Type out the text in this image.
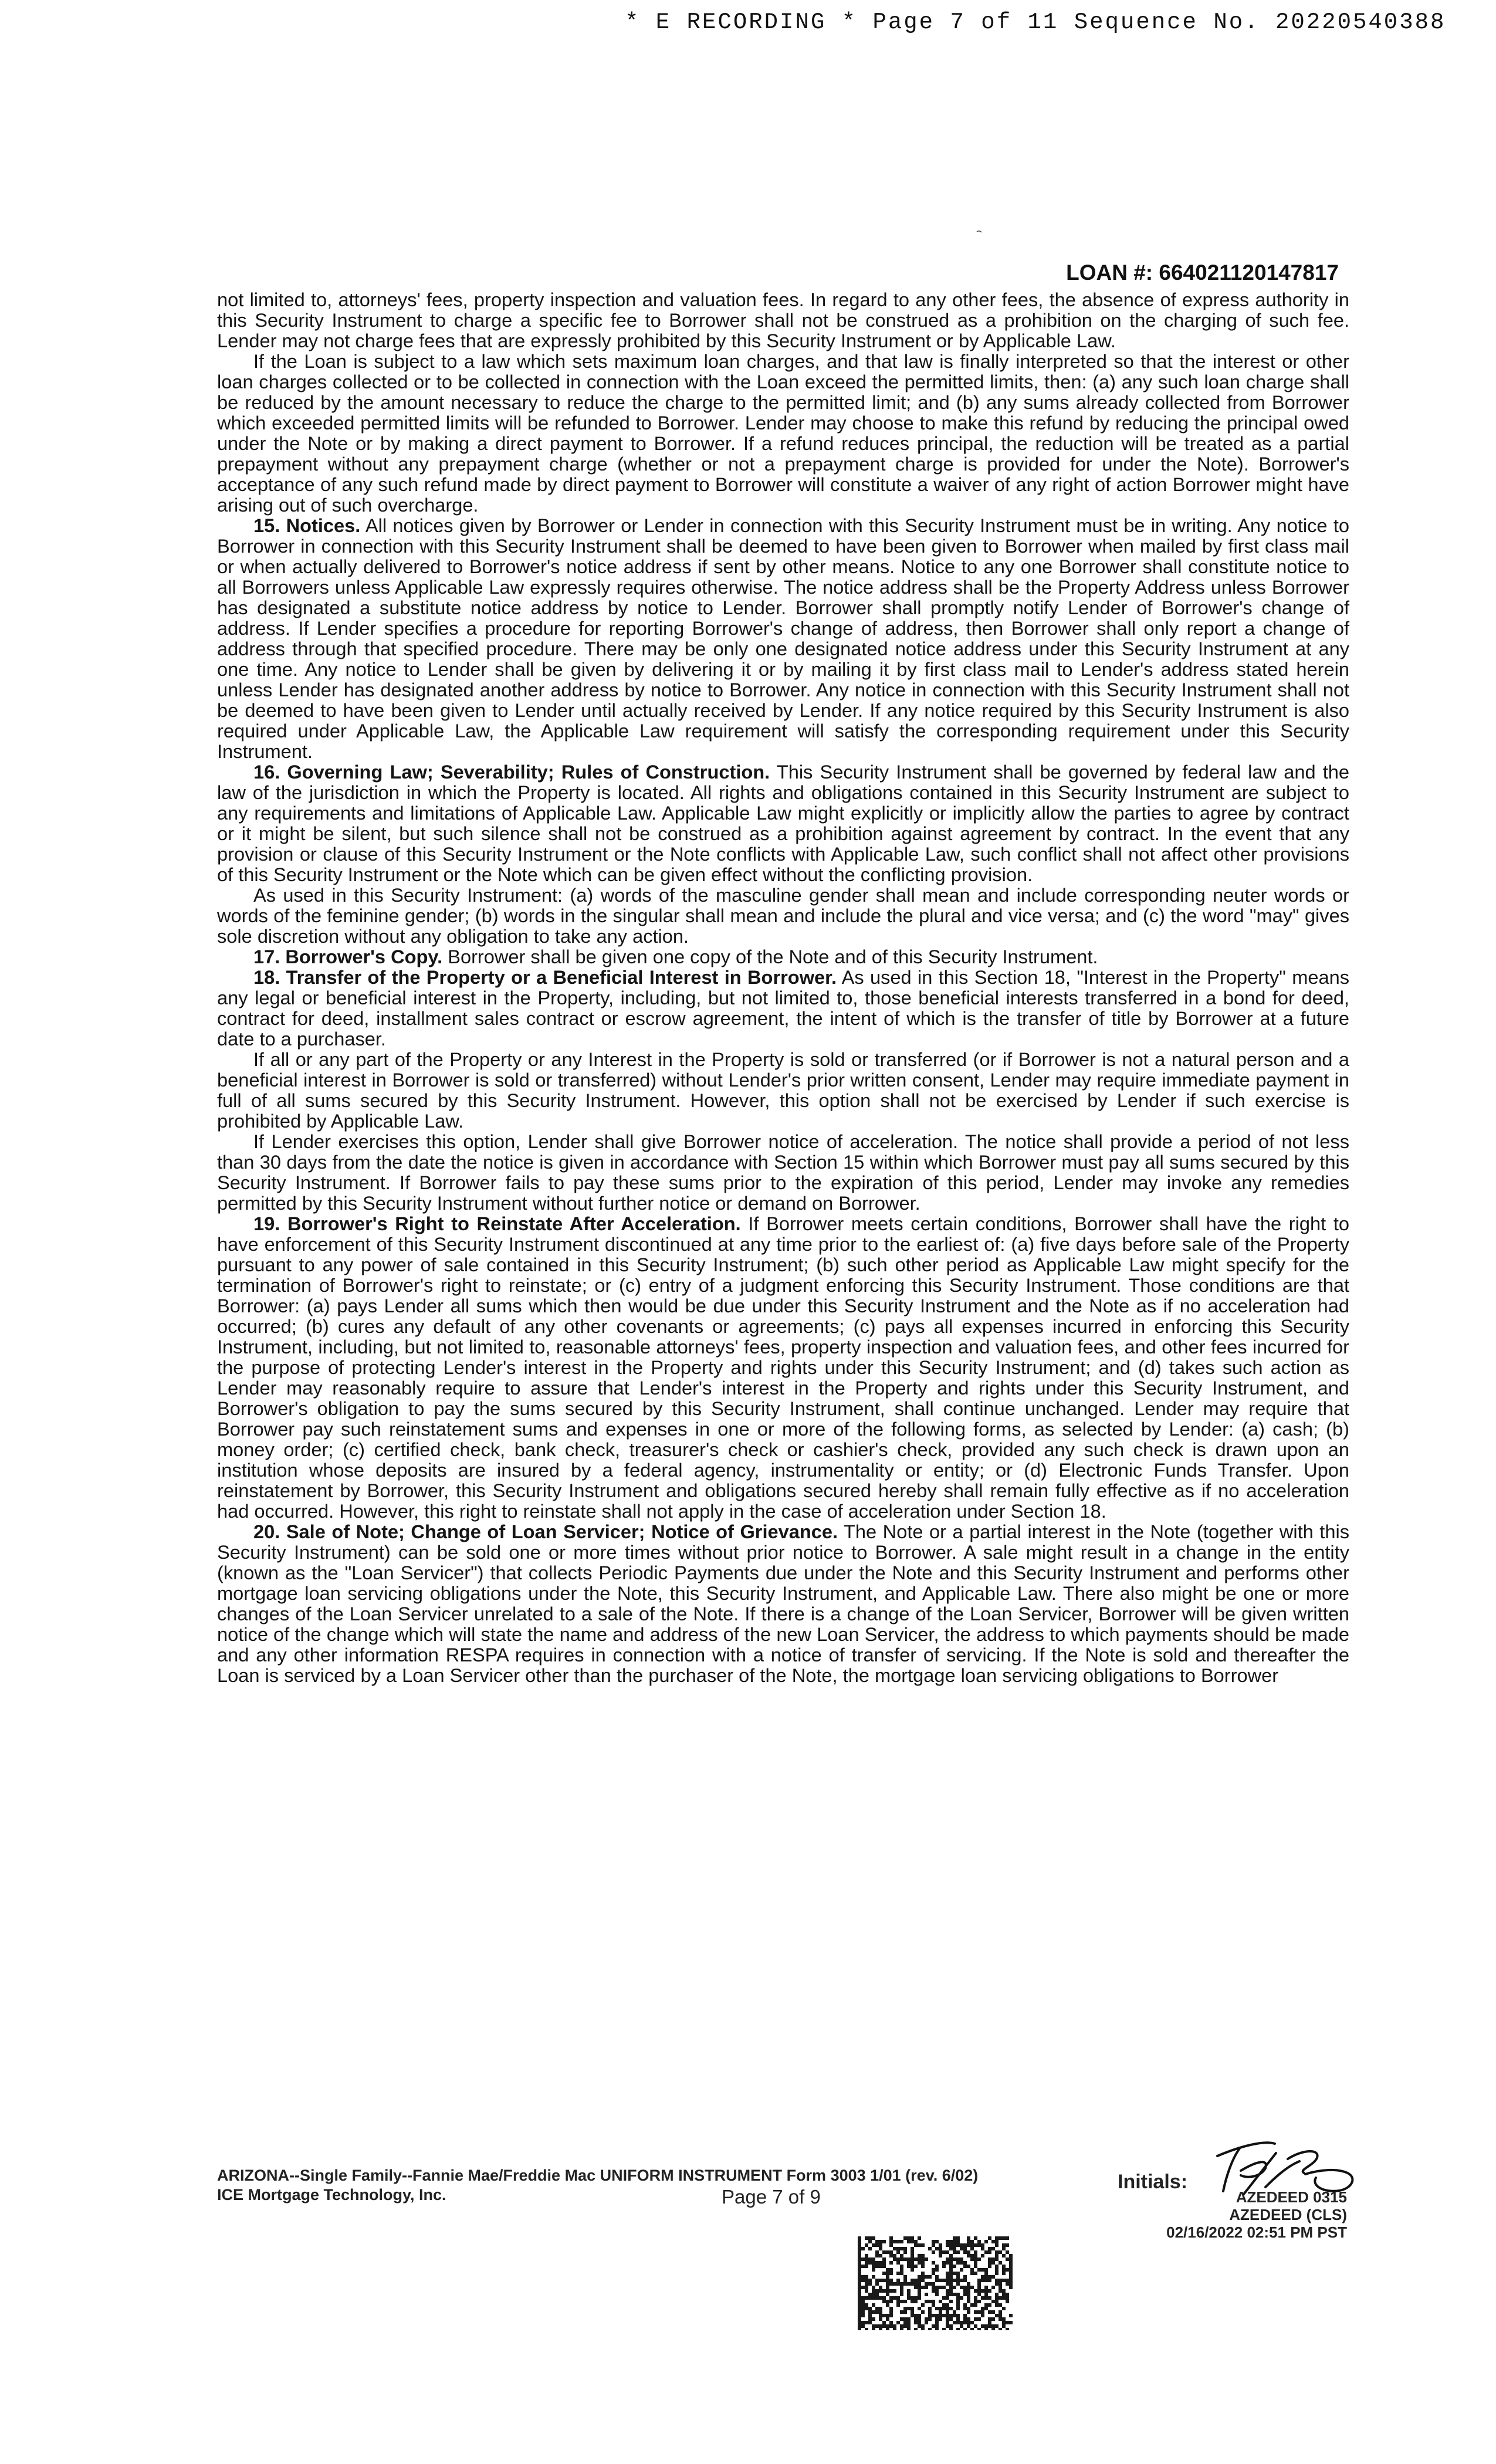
* E RECORDING * Page 7 of 11 Sequence No. 20220540388
LOAN #: 664021120147817

not limited to, attorneys' fees, property inspection and valuation fees. In regard to any other fees, the absence of express authority in this Security Instrument to charge a specific fee to Borrower shall not be construed as a prohibition on the charging of such fee. Lender may not charge fees that are expressly prohibited by this Security Instrument or by Applicable Law.

If the Loan is subject to a law which sets maximum loan charges, and that law is finally interpreted so that the interest or other loan charges collected or to be collected in connection with the Loan exceed the permitted limits, then: (a) any such loan charge shall be reduced by the amount necessary to reduce the charge to the permitted limit; and (b) any sums already collected from Borrower which exceeded permitted limits will be refunded to Borrower. Lender may choose to make this refund by reducing the principal owed under the Note or by making a direct payment to Borrower. If a refund reduces principal, the reduction will be treated as a partial prepayment without any prepayment charge (whether or not a prepayment charge is provided for under the Note). Borrower's acceptance of any such refund made by direct payment to Borrower will constitute a waiver of any right of action Borrower might have arising out of such overcharge.

15. Notices. All notices given by Borrower or Lender in connection with this Security Instrument must be in writing. Any notice to Borrower in connection with this Security Instrument shall be deemed to have been given to Borrower when mailed by first class mail or when actually delivered to Borrower's notice address if sent by other means. Notice to any one Borrower shall constitute notice to all Borrowers unless Applicable Law expressly requires otherwise. The notice address shall be the Property Address unless Borrower has designated a substitute notice address by notice to Lender. Borrower shall promptly notify Lender of Borrower's change of address. If Lender specifies a procedure for reporting Borrower's change of address, then Borrower shall only report a change of address through that specified procedure. There may be only one designated notice address under this Security Instrument at any one time. Any notice to Lender shall be given by delivering it or by mailing it by first class mail to Lender's address stated herein unless Lender has designated another address by notice to Borrower. Any notice in connection with this Security Instrument shall not be deemed to have been given to Lender until actually received by Lender. If any notice required by this Security Instrument is also required under Applicable Law, the Applicable Law requirement will satisfy the corresponding requirement under this Security Instrument.

16. Governing Law; Severability; Rules of Construction. This Security Instrument shall be governed by federal law and the law of the jurisdiction in which the Property is located. All rights and obligations contained in this Security Instrument are subject to any requirements and limitations of Applicable Law. Applicable Law might explicitly or implicitly allow the parties to agree by contract or it might be silent, but such silence shall not be construed as a prohibition against agreement by contract. In the event that any provision or clause of this Security Instrument or the Note conflicts with Applicable Law, such conflict shall not affect other provisions of this Security Instrument or the Note which can be given effect without the conflicting provision.

As used in this Security Instrument: (a) words of the masculine gender shall mean and include corresponding neuter words or words of the feminine gender; (b) words in the singular shall mean and include the plural and vice versa; and (c) the word "may" gives sole discretion without any obligation to take any action.

17. Borrower's Copy. Borrower shall be given one copy of the Note and of this Security Instrument.

18. Transfer of the Property or a Beneficial Interest in Borrower. As used in this Section 18, "Interest in the Property" means any legal or beneficial interest in the Property, including, but not limited to, those beneficial interests transferred in a bond for deed, contract for deed, installment sales contract or escrow agreement, the intent of which is the transfer of title by Borrower at a future date to a purchaser.

If all or any part of the Property or any Interest in the Property is sold or transferred (or if Borrower is not a natural person and a beneficial interest in Borrower is sold or transferred) without Lender's prior written consent, Lender may require immediate payment in full of all sums secured by this Security Instrument. However, this option shall not be exercised by Lender if such exercise is prohibited by Applicable Law.

If Lender exercises this option, Lender shall give Borrower notice of acceleration. The notice shall provide a period of not less than 30 days from the date the notice is given in accordance with Section 15 within which Borrower must pay all sums secured by this Security Instrument. If Borrower fails to pay these sums prior to the expiration of this period, Lender may invoke any remedies permitted by this Security Instrument without further notice or demand on Borrower.

19. Borrower's Right to Reinstate After Acceleration. If Borrower meets certain conditions, Borrower shall have the right to have enforcement of this Security Instrument discontinued at any time prior to the earliest of: (a) five days before sale of the Property pursuant to any power of sale contained in this Security Instrument; (b) such other period as Applicable Law might specify for the termination of Borrower's right to reinstate; or (c) entry of a judgment enforcing this Security Instrument. Those conditions are that Borrower: (a) pays Lender all sums which then would be due under this Security Instrument and the Note as if no acceleration had occurred; (b) cures any default of any other covenants or agreements; (c) pays all expenses incurred in enforcing this Security Instrument, including, but not limited to, reasonable attorneys' fees, property inspection and valuation fees, and other fees incurred for the purpose of protecting Lender's interest in the Property and rights under this Security Instrument; and (d) takes such action as Lender may reasonably require to assure that Lender's interest in the Property and rights under this Security Instrument, and Borrower's obligation to pay the sums secured by this Security Instrument, shall continue unchanged. Lender may require that Borrower pay such reinstatement sums and expenses in one or more of the following forms, as selected by Lender: (a) cash; (b) money order; (c) certified check, bank check, treasurer's check or cashier's check, provided any such check is drawn upon an institution whose deposits are insured by a federal agency, instrumentality or entity; or (d) Electronic Funds Transfer. Upon reinstatement by Borrower, this Security Instrument and obligations secured hereby shall remain fully effective as if no acceleration had occurred. However, this right to reinstate shall not apply in the case of acceleration under Section 18.

20. Sale of Note; Change of Loan Servicer; Notice of Grievance. The Note or a partial interest in the Note (together with this Security Instrument) can be sold one or more times without prior notice to Borrower. A sale might result in a change in the entity (known as the "Loan Servicer") that collects Periodic Payments due under the Note and this Security Instrument and performs other mortgage loan servicing obligations under the Note, this Security Instrument, and Applicable Law. There also might be one or more changes of the Loan Servicer unrelated to a sale of the Note. If there is a change of the Loan Servicer, Borrower will be given written notice of the change which will state the name and address of the new Loan Servicer, the address to which payments should be made and any other information RESPA requires in connection with a notice of transfer of servicing. If the Note is sold and thereafter the Loan is serviced by a Loan Servicer other than the purchaser of the Note, the mortgage loan servicing obligations to Borrower

ARIZONA--Single Family--Fannie Mae/Freddie Mac UNIFORM INSTRUMENT Form 3003 1/01 (rev. 6/02)
ICE Mortgage Technology, Inc.	Page 7 of 9
Initials:
AZEDEED 0315
AZEDEED (CLS)
02/16/2022 02:51 PM PST
